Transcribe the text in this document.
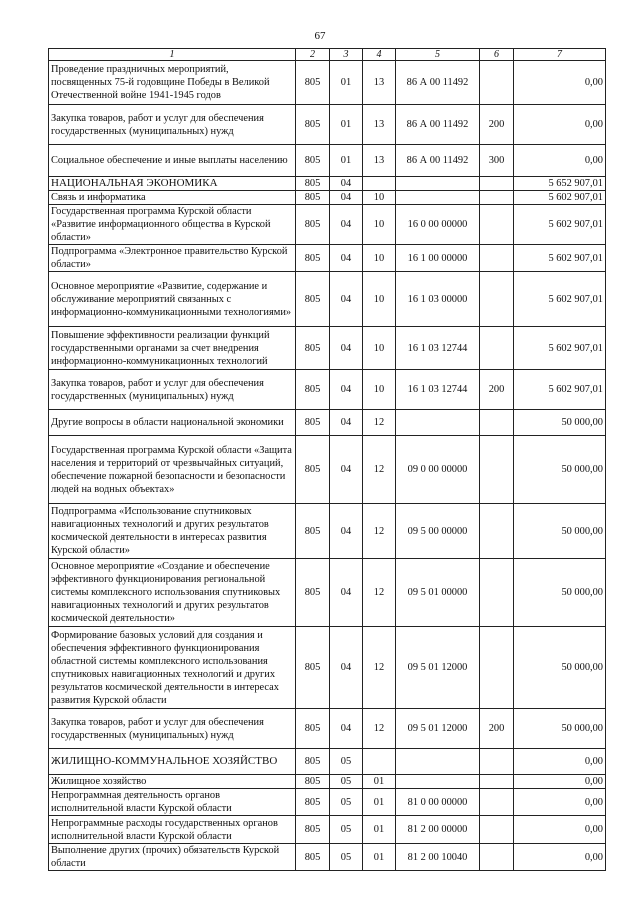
67
1	2	3	4	5	6	7
Проведение праздничных мероприятий, посвященных 75-й годовщине Победы в Великой Отечественной войне 1941-1945 годов	805	01	13	86 А 00 11492		0,00
Закупка товаров, работ и услуг для обеспечения государственных (муниципальных) нужд	805	01	13	86 А 00 11492	200	0,00
Социальное обеспечение и иные выплаты населению	805	01	13	86 А 00 11492	300	0,00
НАЦИОНАЛЬНАЯ ЭКОНОМИКА	805	04				5 652 907,01
Связь и информатика	805	04	10			5 602 907,01
Государственная программа Курской области «Развитие информационного общества в Курской области»	805	04	10	16 0 00 00000		5 602 907,01
Подпрограмма «Электронное правительство Курской области»	805	04	10	16 1 00 00000		5 602 907,01
Основное мероприятие «Развитие, содержание и обслуживание мероприятий связанных с информационно-коммуникационными технологиями»	805	04	10	16 1 03 00000		5 602 907,01
Повышение эффективности реализации функций государственными органами за счет внедрения информационно-коммуникационных технологий	805	04	10	16 1 03 12744		5 602 907,01
Закупка товаров, работ и услуг для обеспечения государственных (муниципальных) нужд	805	04	10	16 1 03 12744	200	5 602 907,01
Другие вопросы в области национальной экономики	805	04	12			50 000,00
Государственная программа Курской области «Защита населения и территорий от чрезвычайных ситуаций, обеспечение пожарной безопасности и безопасности людей на водных объектах»	805	04	12	09 0 00 00000		50 000,00
Подпрограмма «Использование спутниковых навигационных технологий и других результатов космической деятельности в интересах развития Курской области»	805	04	12	09 5 00 00000		50 000,00
Основное мероприятие «Создание и обеспечение эффективного функционирования региональной системы комплексного использования спутниковых навигационных технологий и других результатов космической деятельности»	805	04	12	09 5 01 00000		50 000,00
Формирование базовых условий для создания и обеспечения эффективного функционирования областной системы комплексного использования спутниковых навигационных технологий и других результатов космической деятельности в интересах развития Курской области	805	04	12	09 5 01 12000		50 000,00
Закупка товаров, работ и услуг для обеспечения государственных (муниципальных) нужд	805	04	12	09 5 01 12000	200	50 000,00
ЖИЛИЩНО-КОММУНАЛЬНОЕ ХОЗЯЙСТВО	805	05				0,00
Жилищное хозяйство	805	05	01			0,00
Непрограммная деятельность органов исполнительной власти Курской области	805	05	01	81 0 00 00000		0,00
Непрограммные расходы государственных органов исполнительной власти Курской области	805	05	01	81 2 00 00000		0,00
Выполнение других (прочих) обязательств Курской области	805	05	01	81 2 00 10040		0,00
